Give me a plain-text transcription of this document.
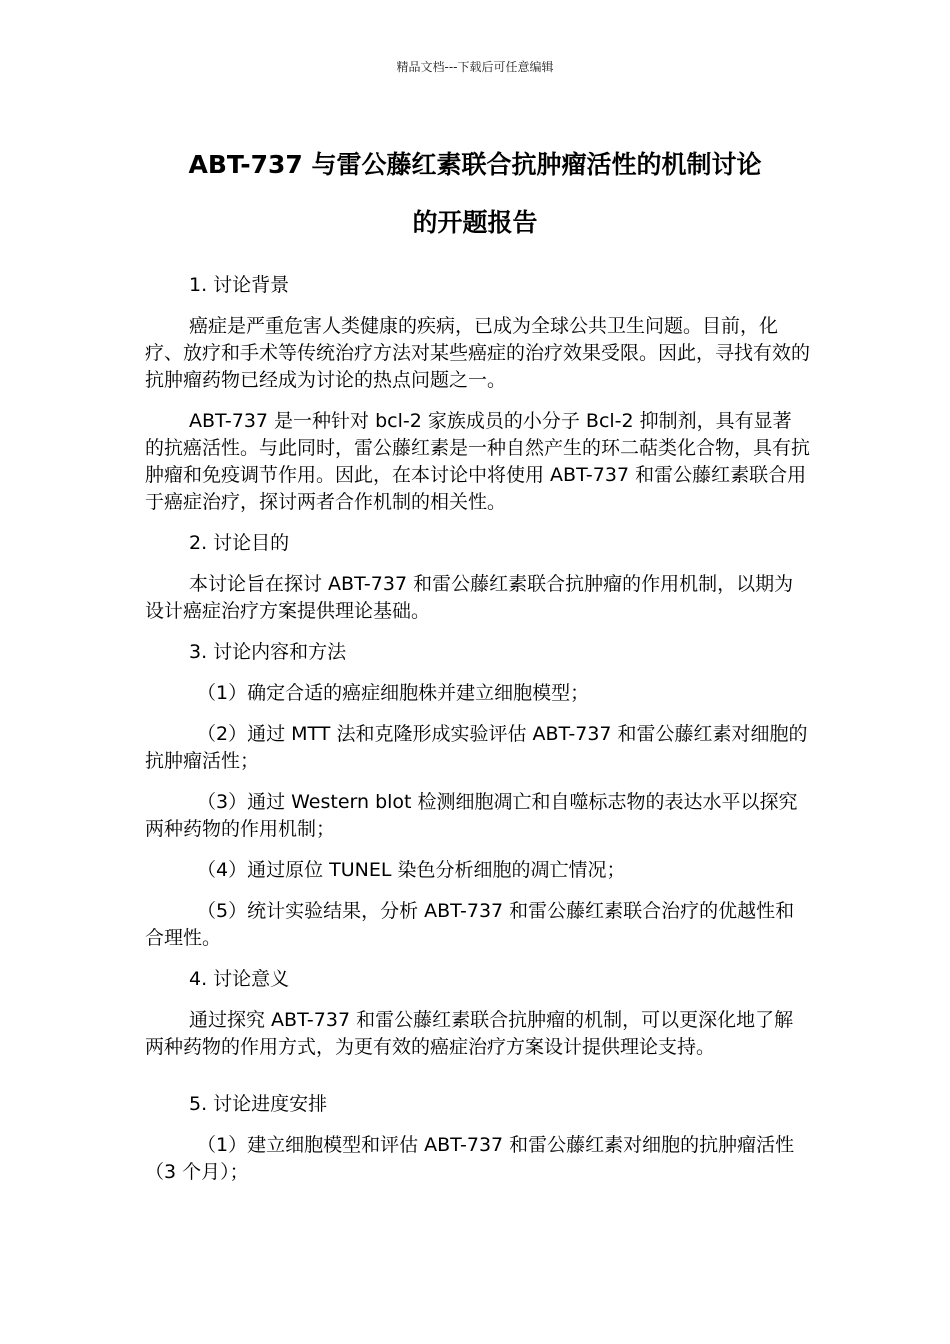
精品文档---下载后可任意编辑
ABT-737 与雷公藤红素联合抗肿瘤活性的机制讨论
的开题报告

1. 讨论背景

癌症是严重危害人类健康的疾病，已成为全球公共卫生问题。目前，化疗、放疗和手术等传统治疗方法对某些癌症的治疗效果受限。因此，寻找有效的抗肿瘤药物已经成为讨论的热点问题之一。

ABT-737 是一种针对 bcl-2 家族成员的小分子 Bcl-2 抑制剂，具有显著的抗癌活性。与此同时，雷公藤红素是一种自然产生的环二萜类化合物，具有抗肿瘤和免疫调节作用。因此，在本讨论中将使用 ABT-737 和雷公藤红素联合用于癌症治疗，探讨两者合作机制的相关性。

2. 讨论目的

本讨论旨在探讨 ABT-737 和雷公藤红素联合抗肿瘤的作用机制，以期为设计癌症治疗方案提供理论基础。

3. 讨论内容和方法

（1）确定合适的癌症细胞株并建立细胞模型；

（2）通过 MTT 法和克隆形成实验评估 ABT-737 和雷公藤红素对细胞的抗肿瘤活性；

（3）通过 Western blot 检测细胞凋亡和自噬标志物的表达水平以探究两种药物的作用机制；

（4）通过原位 TUNEL 染色分析细胞的凋亡情况；

（5）统计实验结果，分析 ABT-737 和雷公藤红素联合治疗的优越性和合理性。

4. 讨论意义

通过探究 ABT-737 和雷公藤红素联合抗肿瘤的机制，可以更深化地了解两种药物的作用方式，为更有效的癌症治疗方案设计提供理论支持。

5. 讨论进度安排

（1）建立细胞模型和评估 ABT-737 和雷公藤红素对细胞的抗肿瘤活性（3 个月）；
